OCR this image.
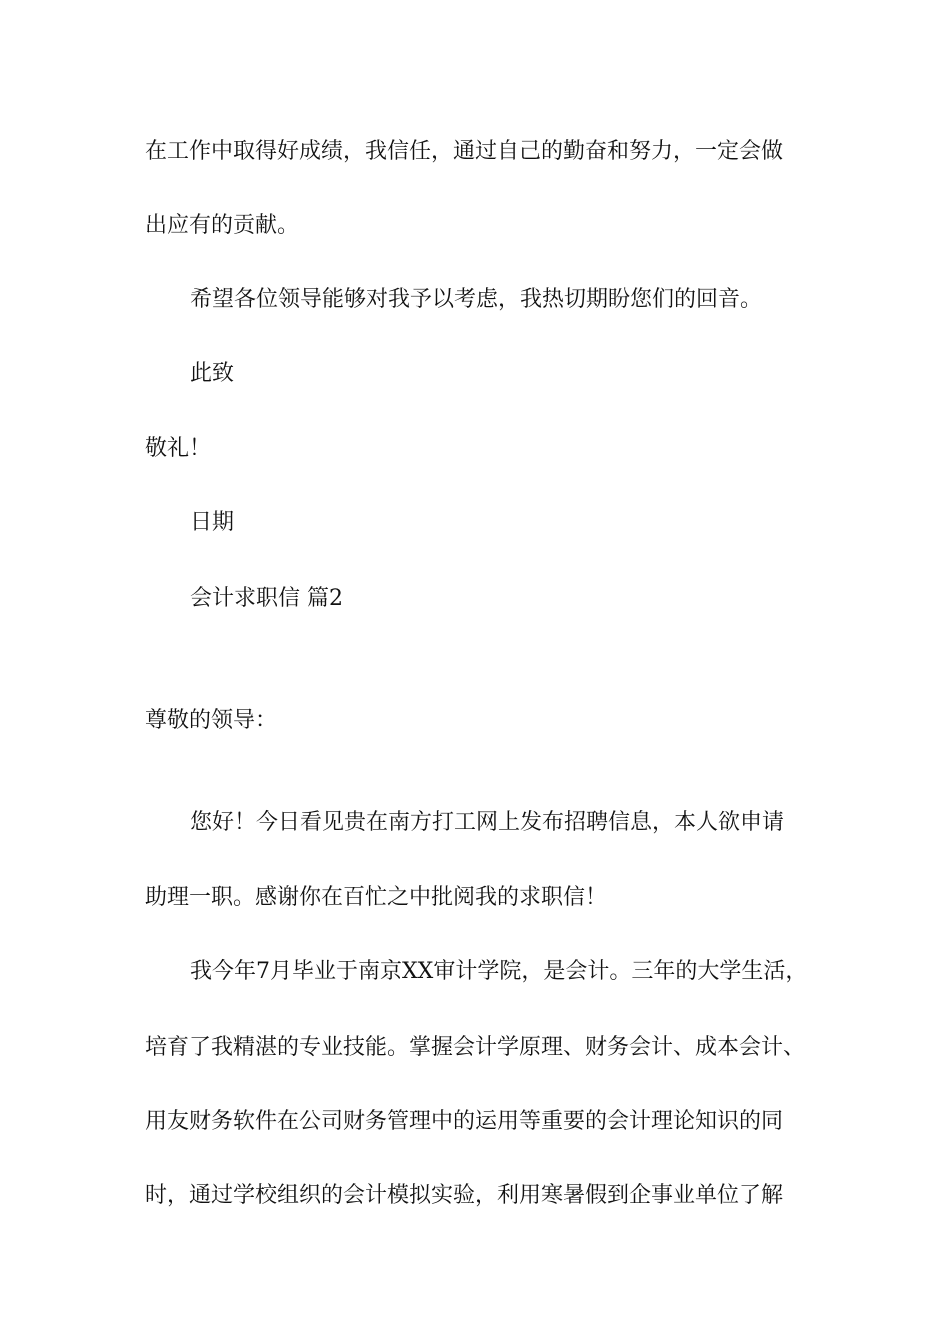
在工作中取得好成绩，我信任，通过自己的勤奋和努力，一定会做
出应有的贡献。
希望各位领导能够对我予以考虑，我热切期盼您们的回音。
此致
敬礼！
日期
会计求职信 篇2
尊敬的领导：
您好！今日看见贵在南方打工网上发布招聘信息，本人欲申请
助理一职。感谢你在百忙之中批阅我的求职信！
我今年7月毕业于南京XX审计学院，是会计。三年的大学生活，
培育了我精湛的专业技能。掌握会计学原理、财务会计、成本会计、
用友财务软件在公司财务管理中的运用等重要的会计理论知识的同
时，通过学校组织的会计模拟实验，利用寒暑假到企事业单位了解
